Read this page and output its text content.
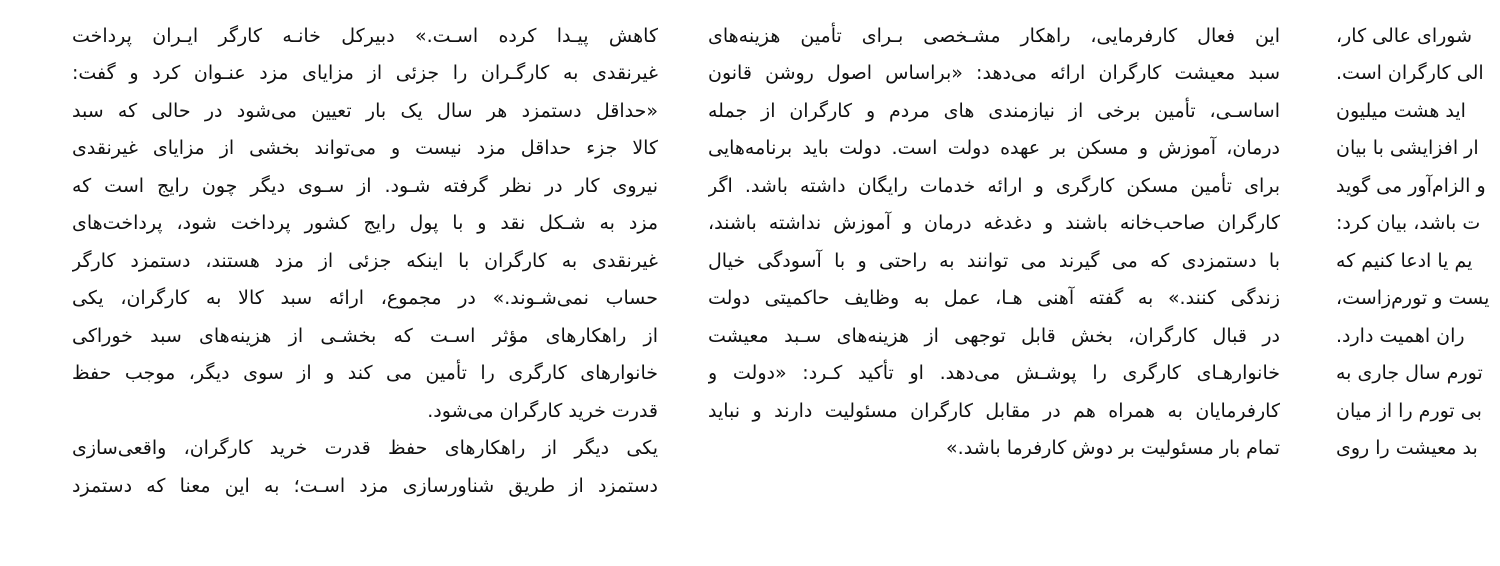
کاهش پیـدا کرده اسـت.» دبیرکل خانـه کارگر ایـران پرداخت
غیرنقدی به کارگـران را جزئی از مزایای مزد عنـوان کرد و گفت:
«حداقل دستمزد هر سال یک بار تعیین می‌شود در حالی که سبد
کالا جزء حداقل مزد نیست و می‌تواند بخشی از مزایای غیرنقدی
نیروی کار در نظر گرفته شـود. از سـوی دیگر چون رایج است که
مزد به شـکل نقد و با پول رایج کشور پرداخت شود، پرداخت‌های
غیرنقدی به کارگران با اینکه جزئی از مزد هستند، دستمزد کارگر
حساب نمی‌شـوند.» در مجموع، ارائه سبد کالا به کارگران، یکی
از راهکارهای مؤثر اسـت که بخشـی از هزینه‌های سبد خوراکی
خانوارهای کارگری را تأمین می کند و از سوی دیگر، موجب حفظ
قدرت خرید کارگران می‌شود.
یکی دیگر از راهکارهای حفظ قدرت خرید کارگران، واقعی‌سازی
دستمزد از طریق شناورسازی مزد اسـت؛ به این معنا که دستمزد
این فعال کارفرمایی، راهکار مشـخصی بـرای تأمین هزینه‌های
سبد معیشت کارگران ارائه می‌دهد: «براساس اصول روشن قانون
اساسـی، تأمین برخی از نیازمندی های مردم و کارگران از جمله
درمان، آموزش و مسکن بر عهده دولت است. دولت باید برنامه‌هایی
برای تأمین مسکن کارگری و ارائه خدمات رایگان داشته باشد. اگر
کارگران صاحب‌خانه باشند و دغدغه درمان و آموزش نداشته باشند،
با دستمزدی که می گیرند می توانند به راحتی و با آسودگی خیال
زندگی کنند.» به گفته آهنی هـا، عمل به وظایف حاکمیتی دولت
در قبال کارگران، بخش قابل توجهی از هزینه‌های سـبد معیشت
خانوارهـای کارگری را پوشـش می‌دهد. او تأکید کـرد: «دولت و
کارفرمایان به همراه هم در مقابل کارگران مسئولیت دارند و نباید
تمام بار مسئولیت بر دوش کارفرما باشد.»
شورای عالی کار،
الی کارگران است.
اید هشت میلیون
ار افزایشی با بیان
و الزام‌آور می گوید
ت باشد، بیان کرد:
یم یا ادعا کنیم که
یست و تورم‌زاست،
ران اهمیت دارد.
تورم سال جاری به
بی تورم را از میان
بد معیشت را روی
